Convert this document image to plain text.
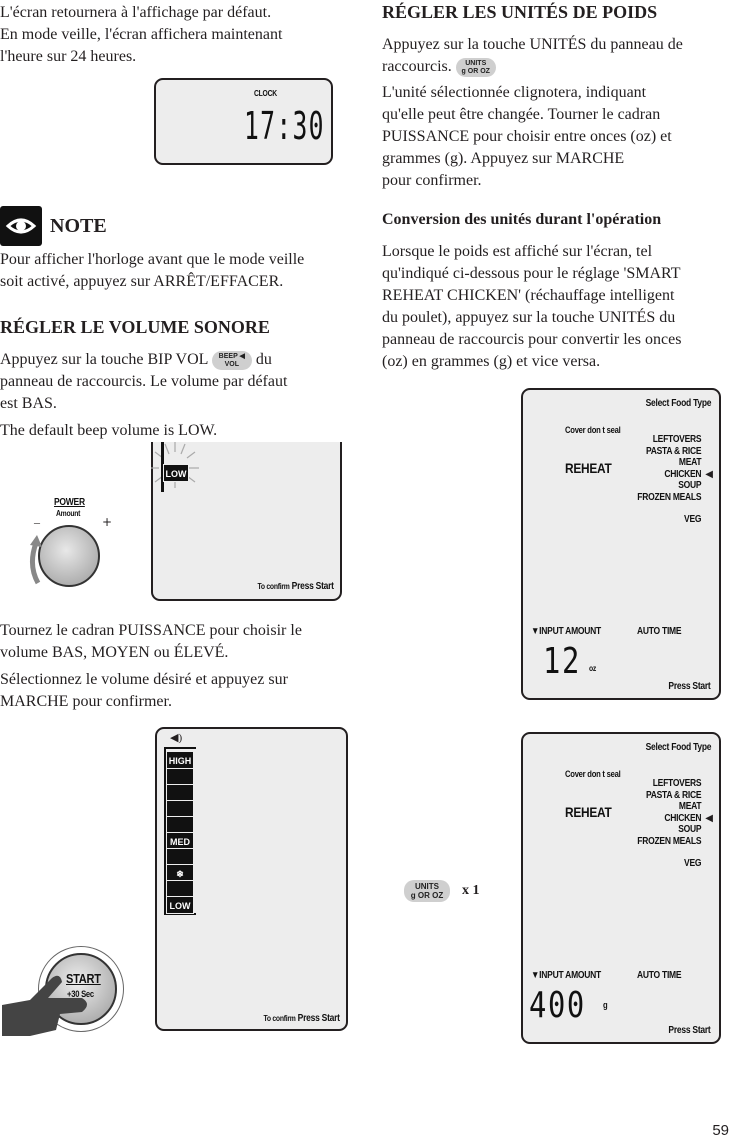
L'écran retournera à l'affichage par défaut.
En mode veille, l'écran affichera maintenant
l'heure sur 24 heures.
CLOCK
17:30
NOTE
Pour afficher l'horloge avant que le mode veille
soit activé, appuyez sur ARRÊT/EFFACER.
RÉGLER LE VOLUME SONORE
Appuyez sur la touche BIP VOL BEEP ◀
VOL du
panneau de raccourcis. Le volume par défaut
est BAS.
The default beep volume is LOW.
LOW
To confirm Press Start
POWER
Amount
–	+
Tournez le cadran PUISSANCE pour choisir le
volume BAS, MOYEN ou ÉLEVÉ.
Sélectionnez le volume désiré et appuyez sur
MARCHE pour confirmer.
◀)
HIGH
MED
❄
LOW
To confirm Press Start
START
+30 Sec
RÉGLER LES UNITÉS DE POIDS
Appuyez sur la touche UNITÉS du panneau de
raccourcis. UNITS
g OR OZ
L'unité sélectionnée clignotera, indiquant
qu'elle peut être changée. Tourner le cadran
PUISSANCE pour choisir entre onces (oz) et
grammes (g). Appuyez sur MARCHE
pour confirmer.
Conversion des unités durant l'opération
Lorsque le poids est affiché sur l'écran, tel
qu'indiqué ci-dessous pour le réglage 'SMART
REHEAT CHICKEN' (réchauffage intelligent
du poulet), appuyez sur la touche UNITÉS du
panneau de raccourcis pour convertir les onces
(oz) en grammes (g) et vice versa.
Select Food Type
Cover don t seal
REHEAT
LEFTOVERS
PASTA & RICE
MEAT
CHICKEN
SOUP
FROZEN MEALS
◀
VEG
▼INPUT AMOUNT	AUTO TIME
12 oz
Press Start
Select Food Type
Cover don t seal
REHEAT
LEFTOVERS
PASTA & RICE
MEAT
CHICKEN
SOUP
FROZEN MEALS
◀
VEG
▼INPUT AMOUNT	AUTO TIME
400 g
Press Start
UNITS
g OR OZ x 1
59
